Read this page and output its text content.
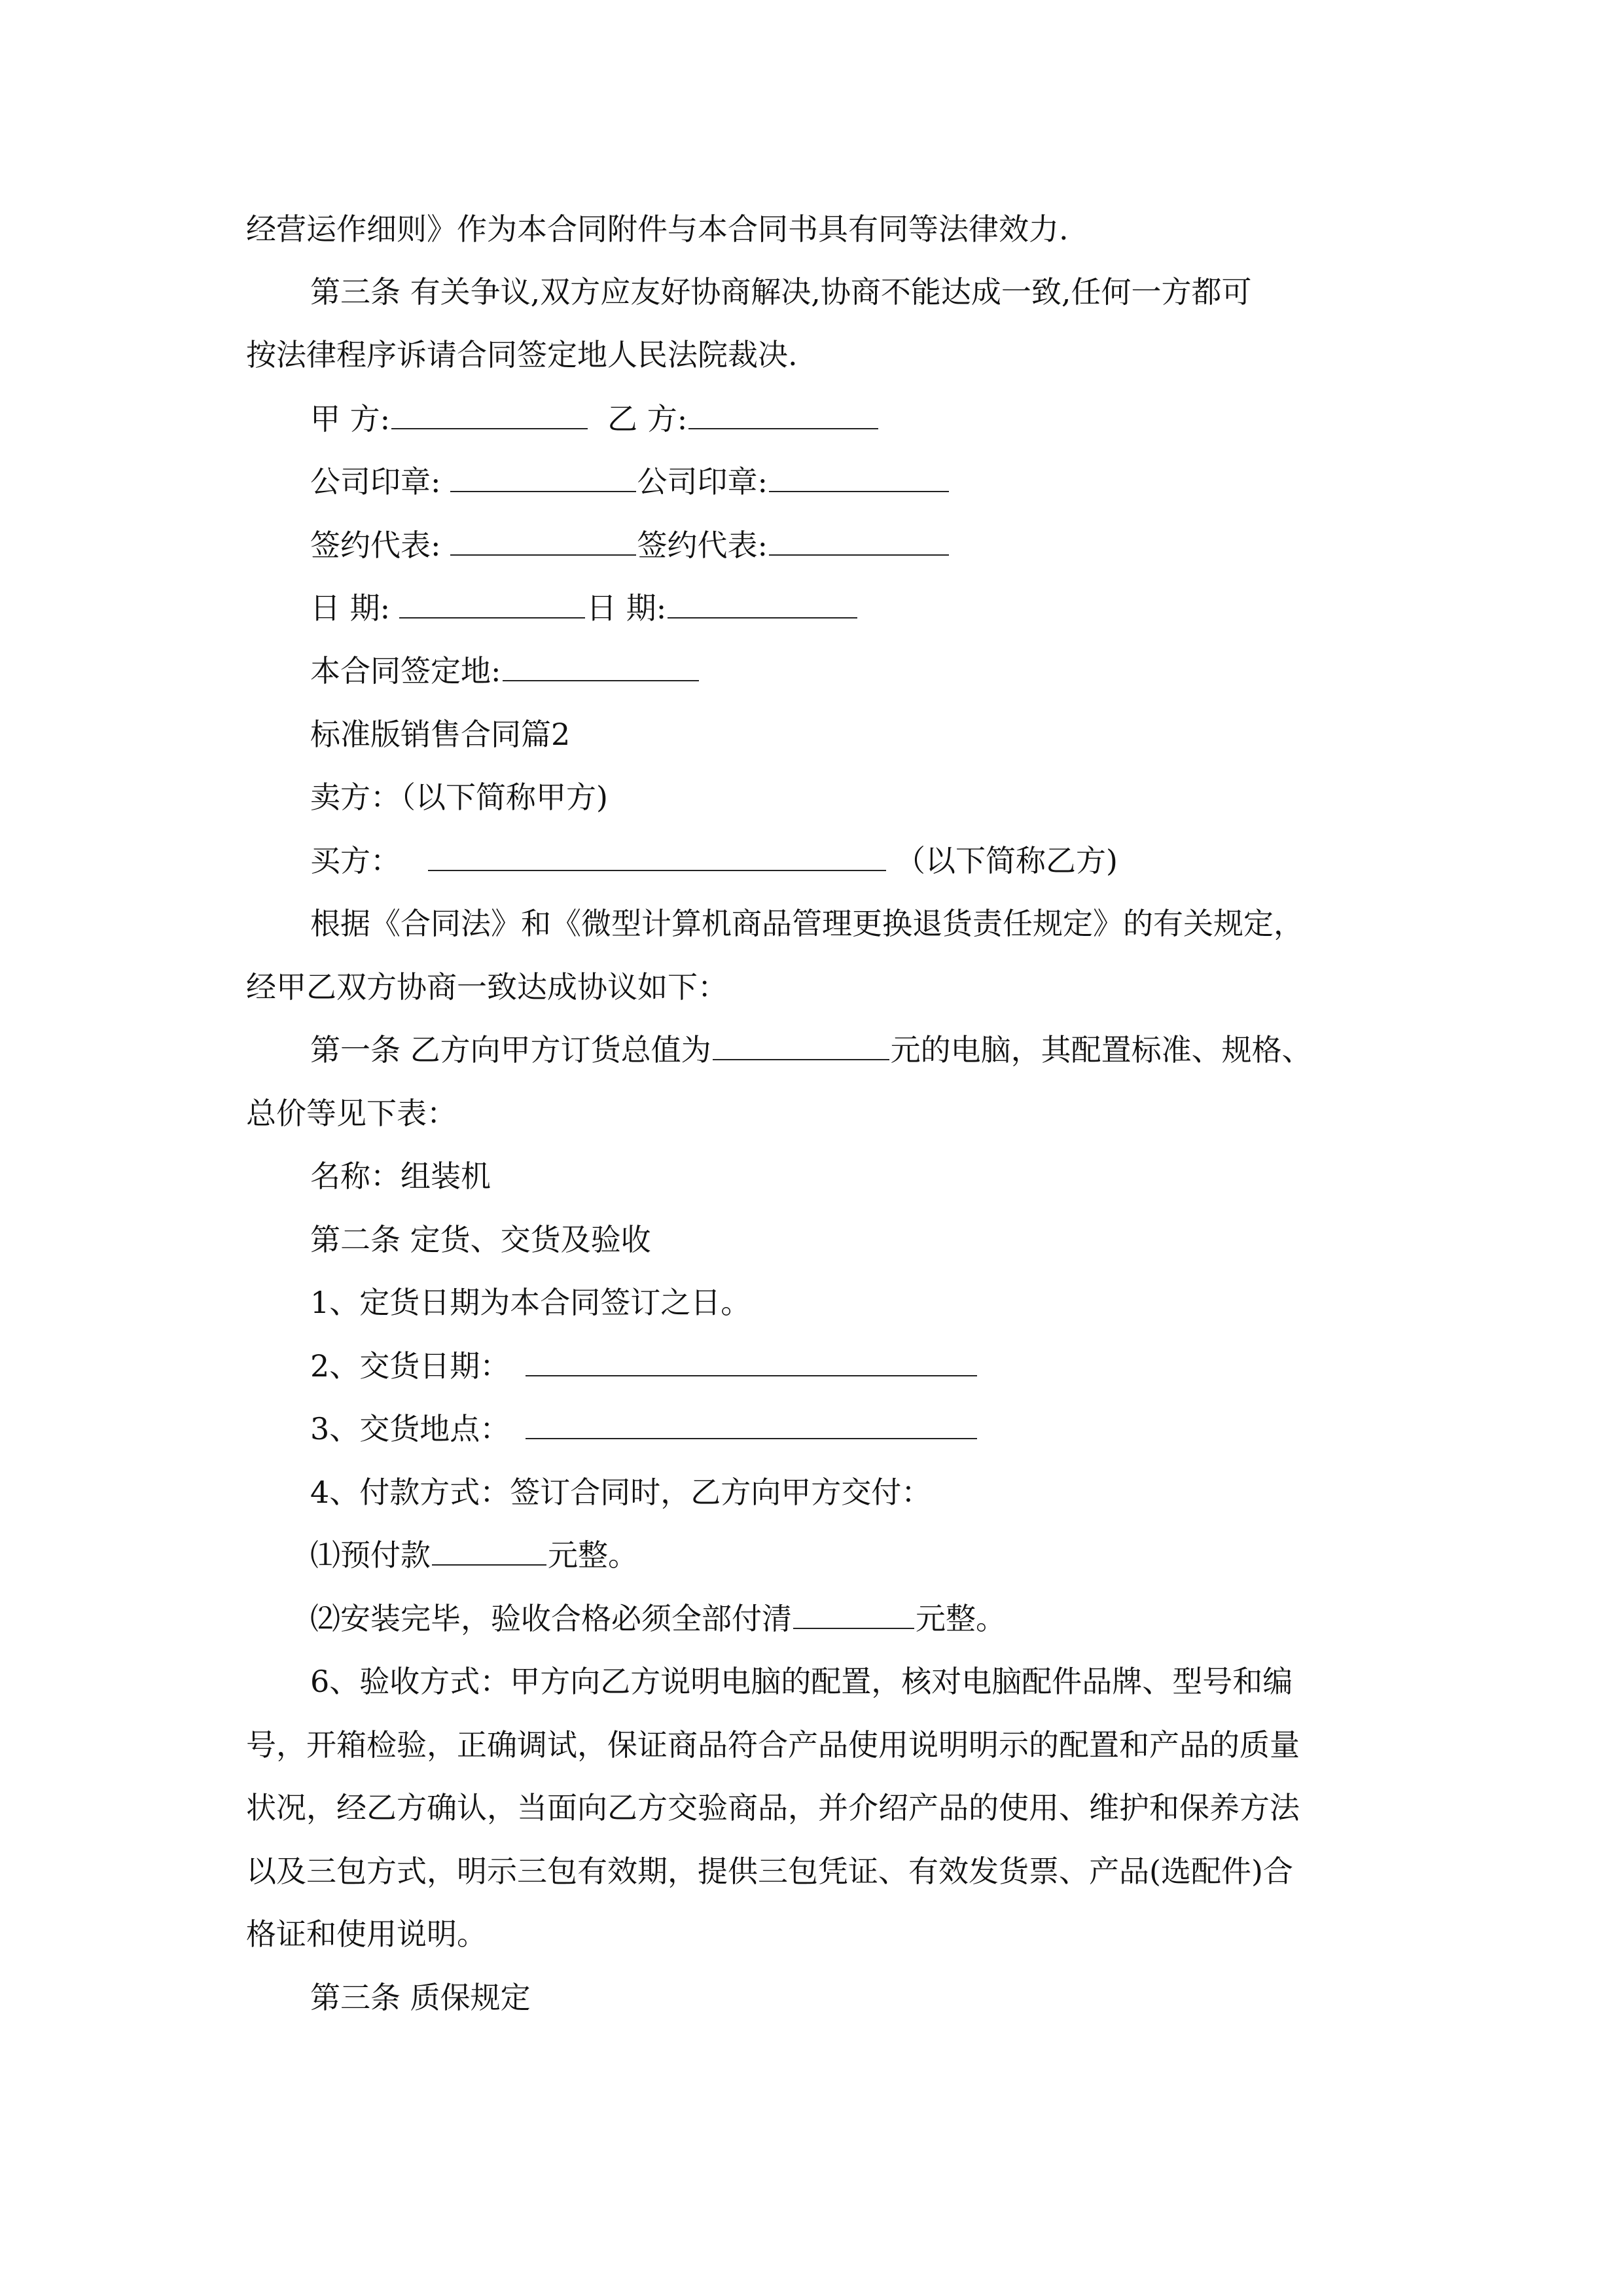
经营运作细则》作为本合同附件与本合同书具有同等法律效力.
第三条 有关争议,双方应友好协商解决,协商不能达成一致,任何一方都可
按法律程序诉请合同签定地人民法院裁决.
甲 方:	乙 方:
公司印章:	公司印章:
签约代表:	签约代表:
日 期:	日 期:
本合同签定地:
标准版销售合同篇2
卖方：（以下简称甲方)
买方：	（以下简称乙方)
根据《合同法》和《微型计算机商品管理更换退货责任规定》的有关规定，
经甲乙双方协商一致达成协议如下：
第一条 乙方向甲方订货总值为	元的电脑，其配置标准、规格、
总价等见下表：
名称：组装机
第二条 定货、交货及验收
1、定货日期为本合同签订之日。
2、交货日期：
3、交货地点：
4、付款方式：签订合同时，乙方向甲方交付：
⑴预付款	元整。
⑵安装完毕，验收合格必须全部付清	元整。
6、验收方式：甲方向乙方说明电脑的配置，核对电脑配件品牌、型号和编
号，开箱检验，正确调试，保证商品符合产品使用说明明示的配置和产品的质量
状况，经乙方确认，当面向乙方交验商品，并介绍产品的使用、维护和保养方法
以及三包方式，明示三包有效期，提供三包凭证、有效发货票、产品(选配件)合
格证和使用说明。
第三条 质保规定
